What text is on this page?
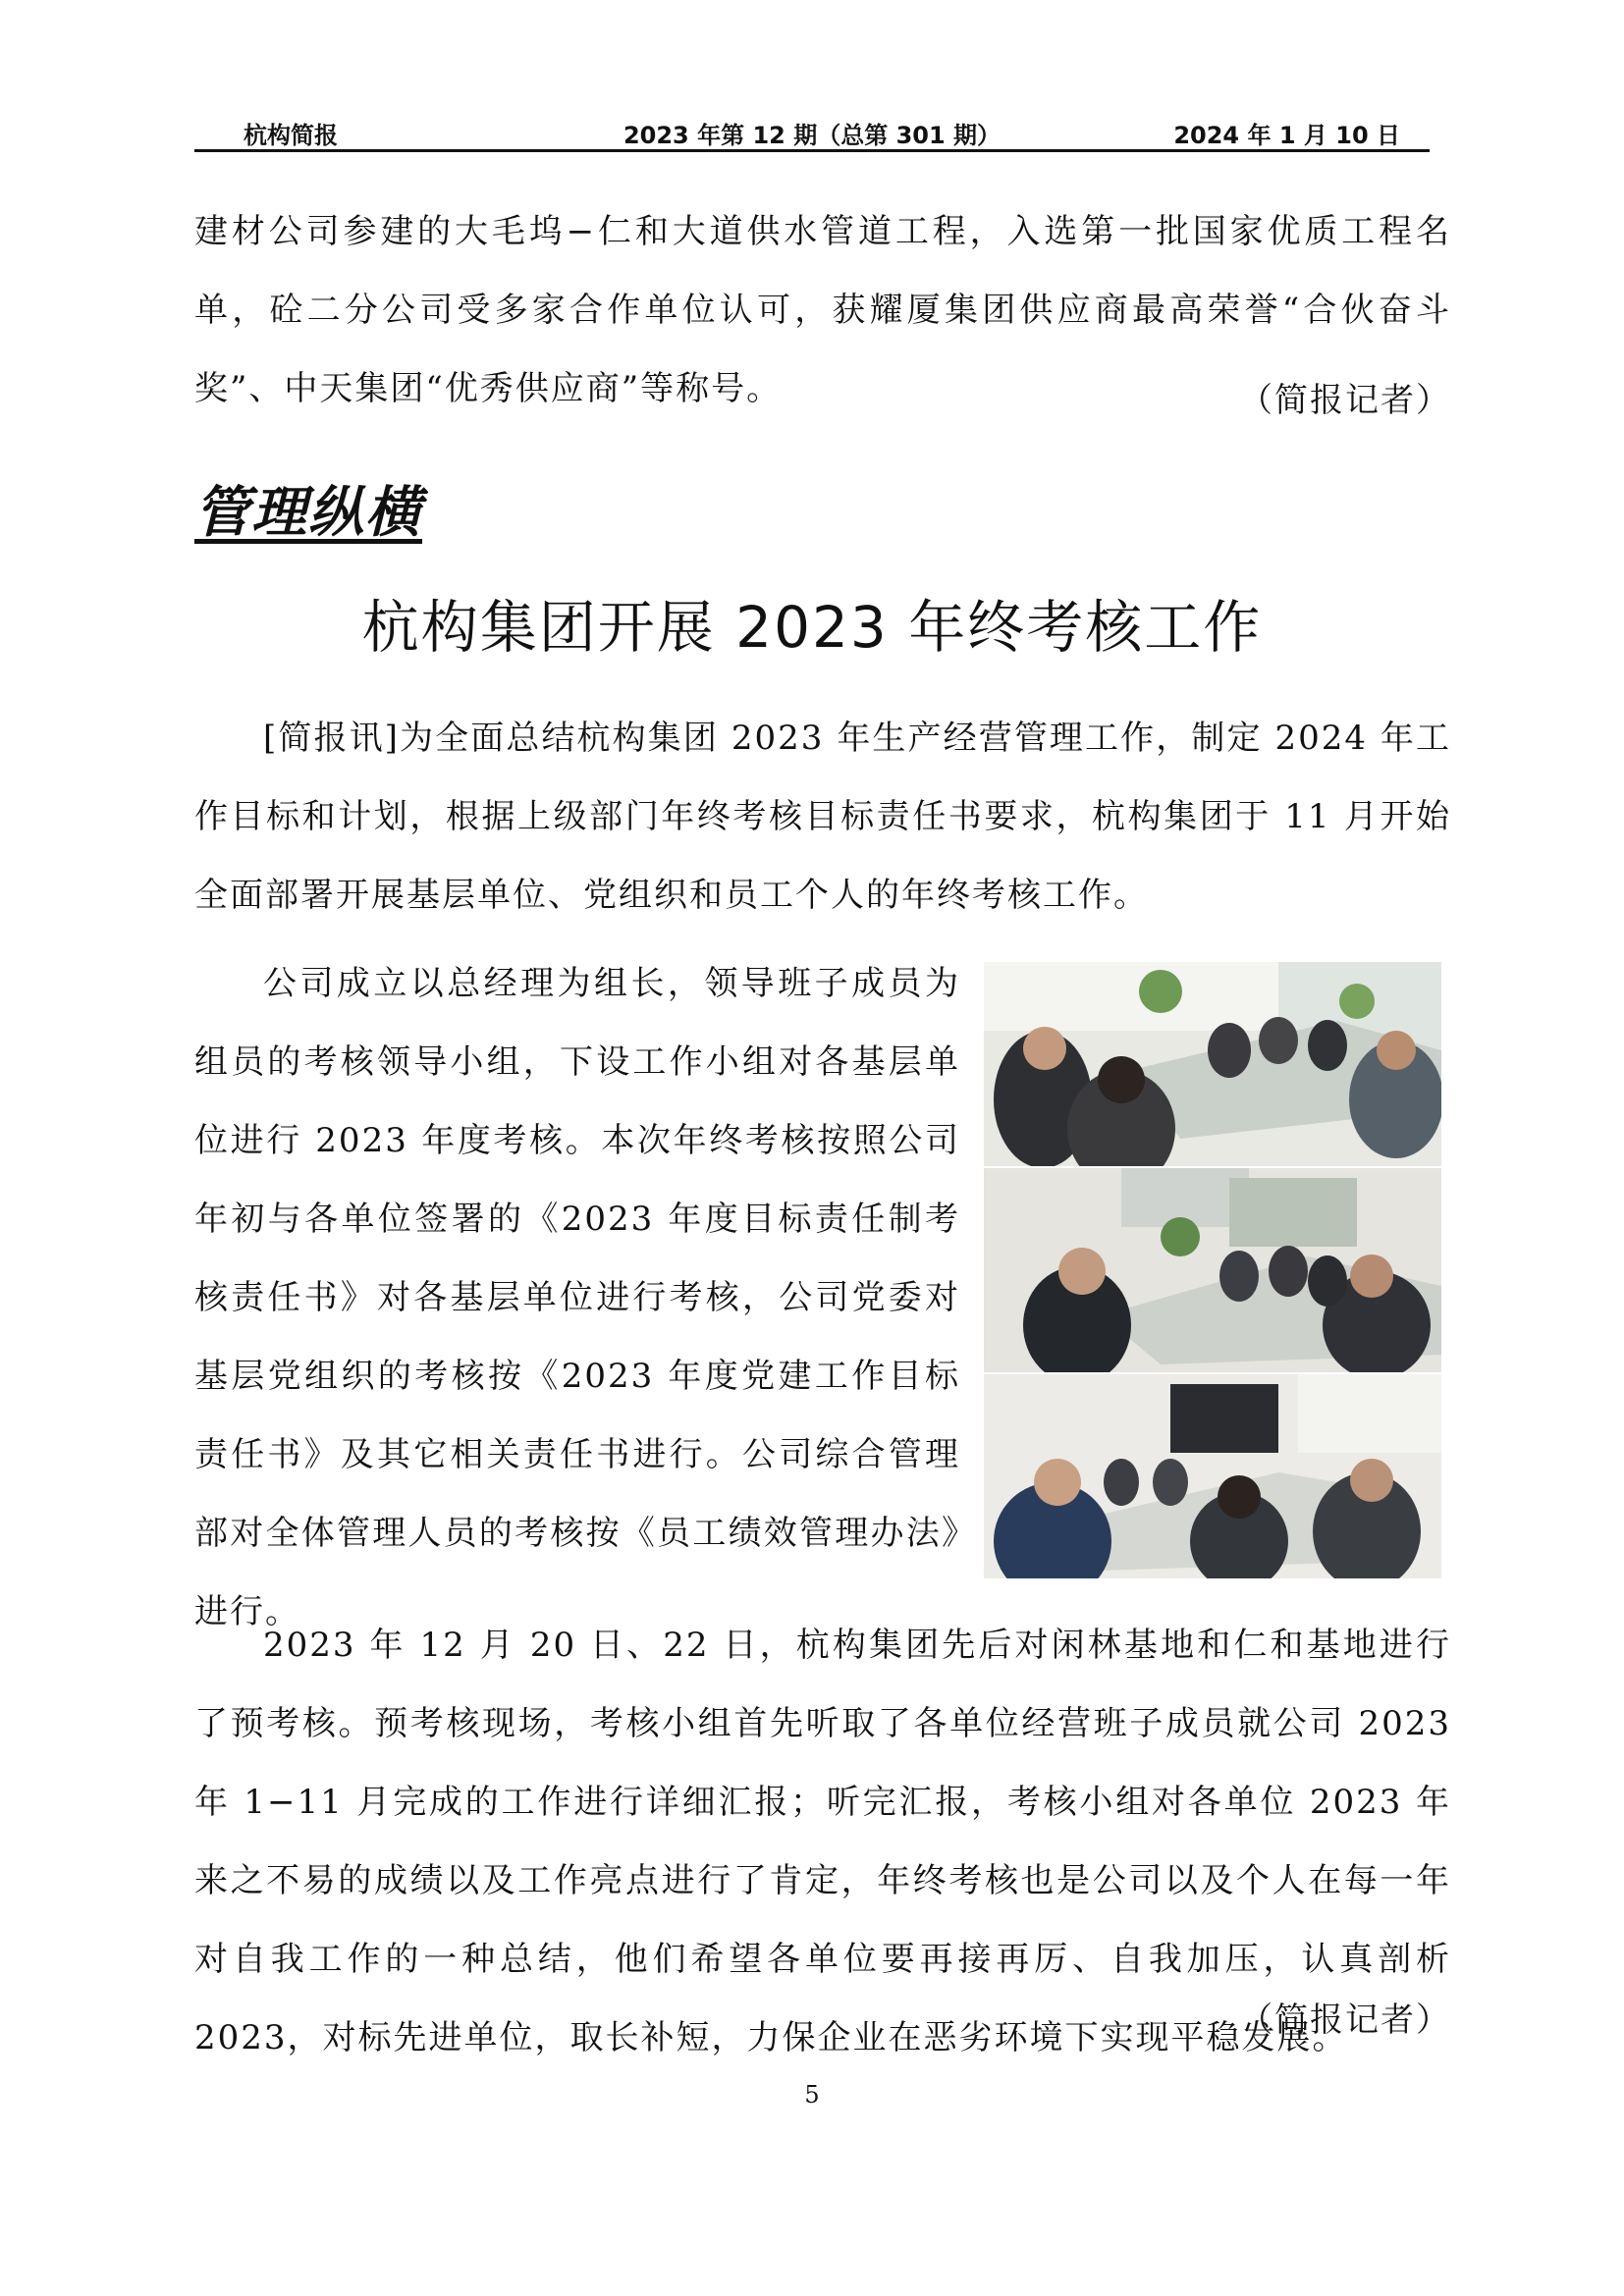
杭构简报	2023 年第 12 期（总第 301 期）	2024 年 1 月 10 日

建材公司参建的大毛坞−仁和大道供水管道工程，入选第一批国家优质工程名单，砼二分公司受多家合作单位认可，获耀厦集团供应商最高荣誉“合伙奋斗奖”、中天集团“优秀供应商”等称号。	（简报记者）
管理纵横
杭构集团开展 2023 年终考核工作

[简报讯]为全面总结杭构集团 2023 年生产经营管理工作，制定 2024 年工作目标和计划，根据上级部门年终考核目标责任书要求，杭构集团于 11 月开始全面部署开展基层单位、党组织和员工个人的年终考核工作。

公司成立以总经理为组长，领导班子成员为组员的考核领导小组，下设工作小组对各基层单位进行 2023 年度考核。本次年终考核按照公司年初与各单位签署的《2023 年度目标责任制考核责任书》对各基层单位进行考核，公司党委对基层党组织的考核按《2023 年度党建工作目标责任书》及其它相关责任书进行。公司综合管理部对全体管理人员的考核按《员工绩效管理办法》进行。

2023 年 12 月 20 日、22 日，杭构集团先后对闲林基地和仁和基地进行了预考核。预考核现场，考核小组首先听取了各单位经营班子成员就公司 2023 年 1−11 月完成的工作进行详细汇报；听完汇报，考核小组对各单位 2023 年来之不易的成绩以及工作亮点进行了肯定，年终考核也是公司以及个人在每一年对自我工作的一种总结，他们希望各单位要再接再厉、自我加压，认真剖析 2023，对标先进单位，取长补短，力保企业在恶劣环境下实现平稳发展。

（简报记者）
5
